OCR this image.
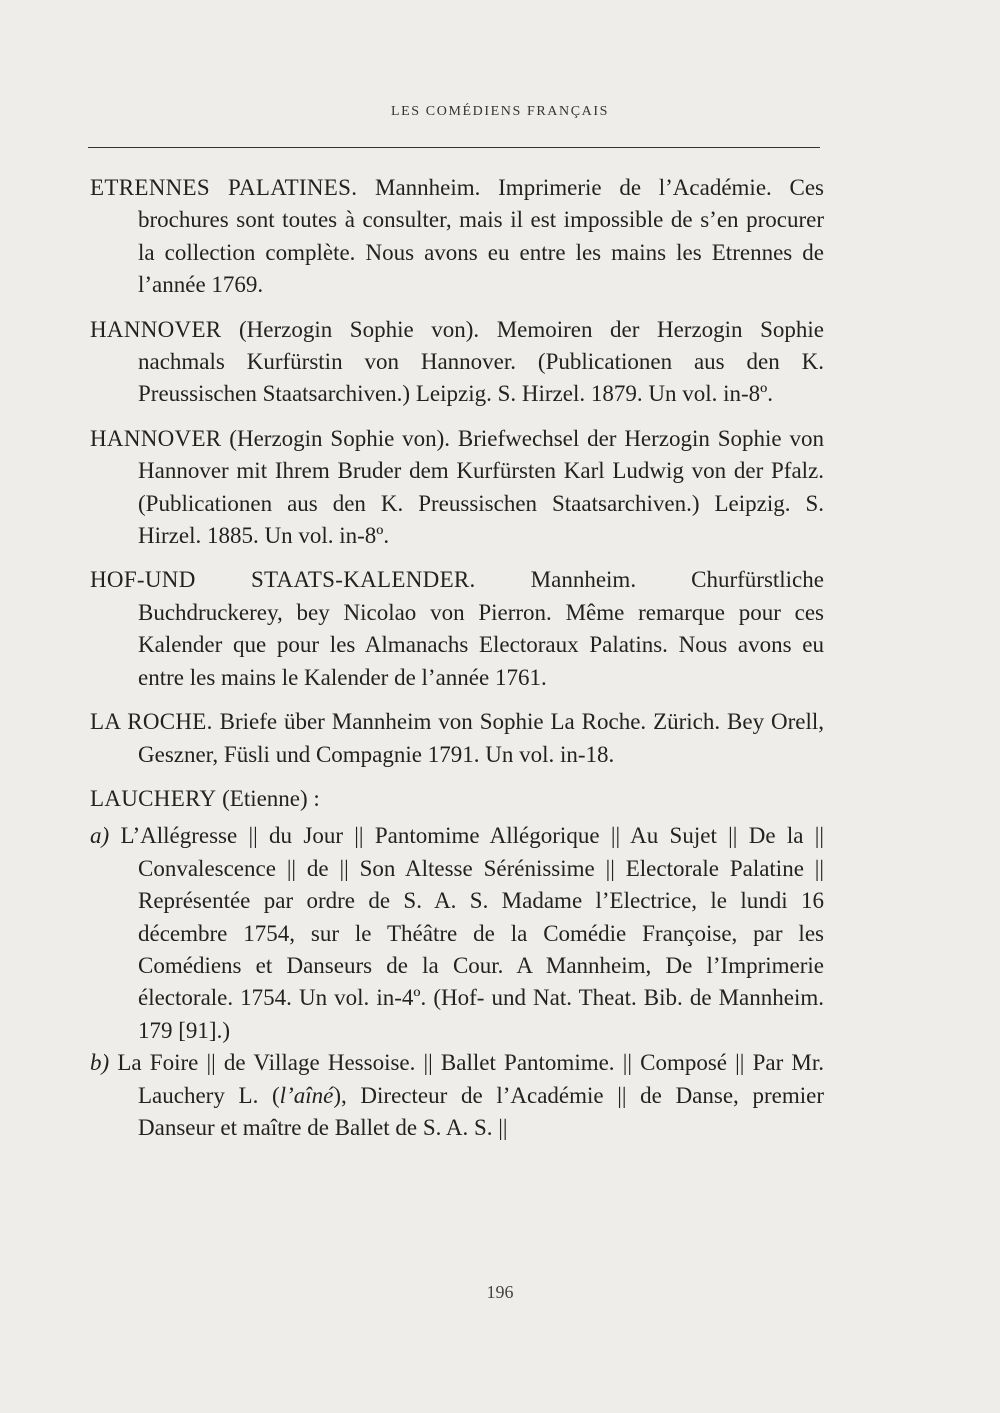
LES COMÉDIENS FRANÇAIS

ETRENNES PALATINES. Mannheim. Imprimerie de l’Académie. Ces brochures sont toutes à consulter, mais il est impossible de s’en procurer la collection complète. Nous avons eu entre les mains les Etrennes de l’année 1769.

HANNOVER (Herzogin Sophie von). Memoiren der Herzogin Sophie nachmals Kurfürstin von Hannover. (Publicationen aus den K. Preussischen Staatsarchiven.) Leipzig. S. Hirzel. 1879. Un vol. in-8º.

HANNOVER (Herzogin Sophie von). Briefwechsel der Herzogin Sophie von Hannover mit Ihrem Bruder dem Kurfürsten Karl Ludwig von der Pfalz. (Publicationen aus den K. Preussischen Staatsarchiven.) Leipzig. S. Hirzel. 1885. Un vol. in-8º.

HOF-UND STAATS-KALENDER. Mannheim. Churfürstliche Buchdruckerey, bey Nicolao von Pierron. Même remarque pour ces Kalender que pour les Almanachs Electoraux Palatins. Nous avons eu entre les mains le Kalender de l’année 1761.

LA ROCHE. Briefe über Mannheim von Sophie La Roche. Zürich. Bey Orell, Geszner, Füsli und Compagnie 1791. Un vol. in-18.

LAUCHERY (Etienne) :

a) L’Allégresse || du Jour || Pantomime Allégorique || Au Sujet || De la || Convalescence || de || Son Altesse Sérénissime || Electorale Palatine || Représentée par ordre de S. A. S. Madame l’Electrice, le lundi 16 décembre 1754, sur le Théâtre de la Comédie Françoise, par les Comédiens et Danseurs de la Cour. A Mannheim, De l’Imprimerie électorale. 1754. Un vol. in-4º. (Hof- und Nat. Theat. Bib. de Mannheim. 179 [91].)

b) La Foire || de Village Hessoise. || Ballet Pantomime. || Composé || Par Mr. Lauchery L. (l’aîné), Directeur de l’Académie || de Danse, premier Danseur et maître de Ballet de S. A. S. ||

196
